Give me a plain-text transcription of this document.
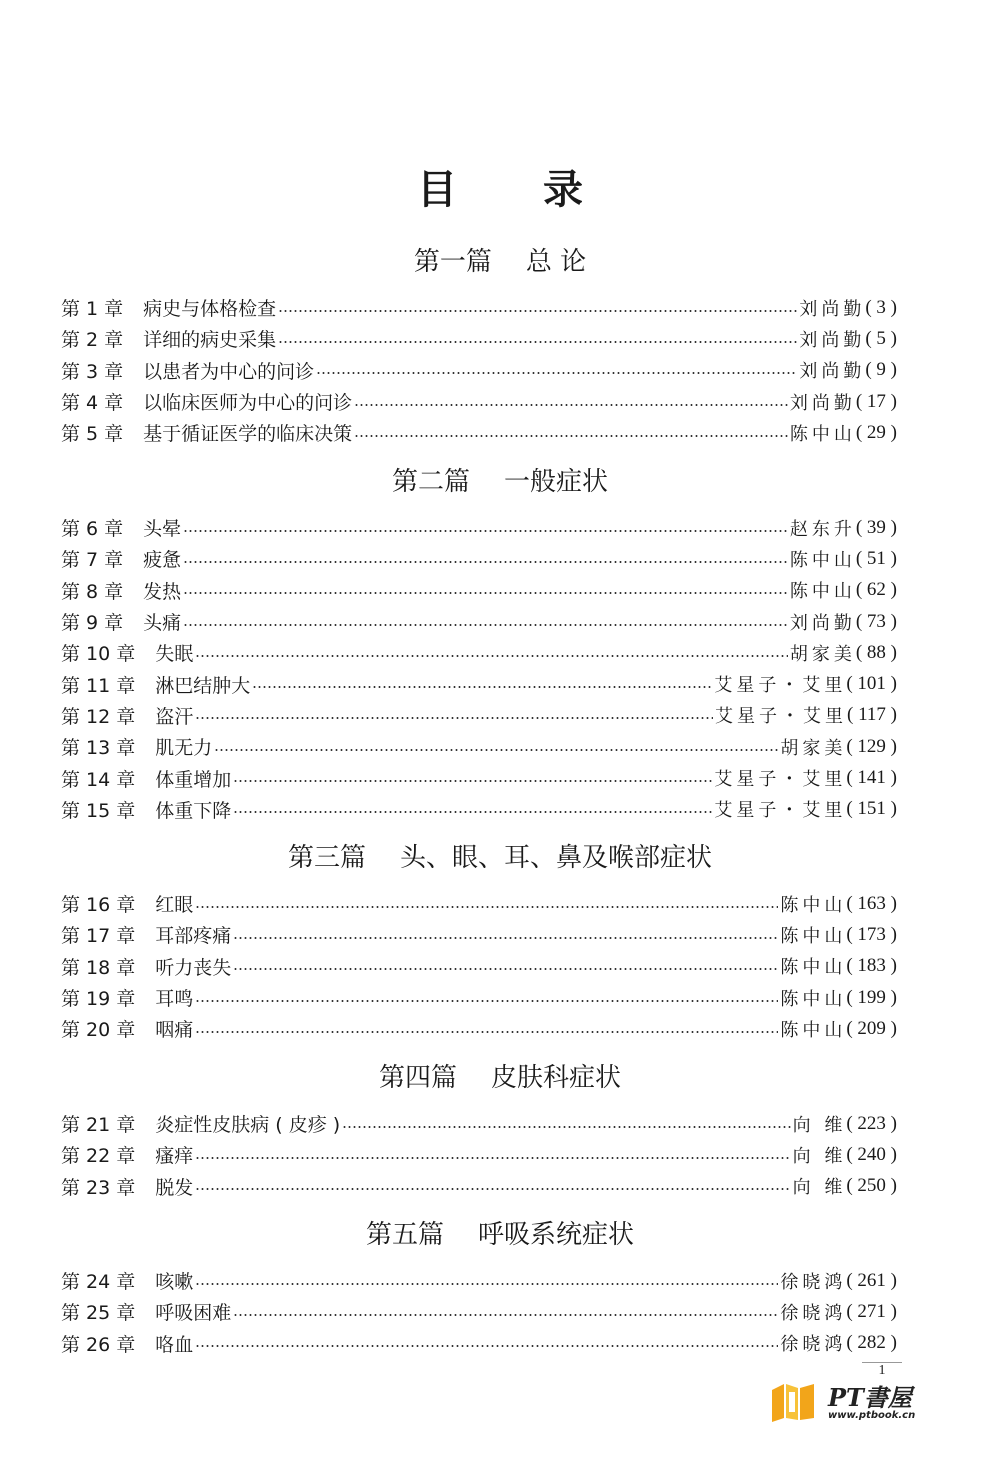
目 录
第一篇 总 论
第 1 章 病史与体格检查	刘尚勤 ( 3 )
第 2 章 详细的病史采集	刘尚勤 ( 5 )
第 3 章 以患者为中心的问诊	刘尚勤 ( 9 )
第 4 章 以临床医师为中心的问诊	刘尚勤 ( 17 )
第 5 章 基于循证医学的临床决策	陈中山 ( 29 )
第二篇 一般症状
第 6 章 头晕	赵东升 ( 39 )
第 7 章 疲惫	陈中山 ( 51 )
第 8 章 发热	陈中山 ( 62 )
第 9 章 头痛	刘尚勤 ( 73 )
第 10 章 失眠	胡家美 ( 88 )
第 11 章 淋巴结肿大	艾星子・艾里 ( 101 )
第 12 章 盗汗	艾星子・艾里 ( 117 )
第 13 章 肌无力	胡家美 ( 129 )
第 14 章 体重增加	艾星子・艾里 ( 141 )
第 15 章 体重下降	艾星子・艾里 ( 151 )
第三篇 头、眼、耳、鼻及喉部症状
第 16 章 红眼	陈中山 ( 163 )
第 17 章 耳部疼痛	陈中山 ( 173 )
第 18 章 听力丧失	陈中山 ( 183 )
第 19 章 耳鸣	陈中山 ( 199 )
第 20 章 咽痛	陈中山 ( 209 )
第四篇 皮肤科症状
第 21 章 炎症性皮肤病 ( 皮疹 )	向 维 ( 223 )
第 22 章 瘙痒	向 维 ( 240 )
第 23 章 脱发	向 维 ( 250 )
第五篇 呼吸系统症状
第 24 章 咳嗽	徐晓鸿 ( 261 )
第 25 章 呼吸困难	徐晓鸿 ( 271 )
第 26 章 咯血	徐晓鸿 ( 282 )
1
PT書屋
www.ptbook.cn
